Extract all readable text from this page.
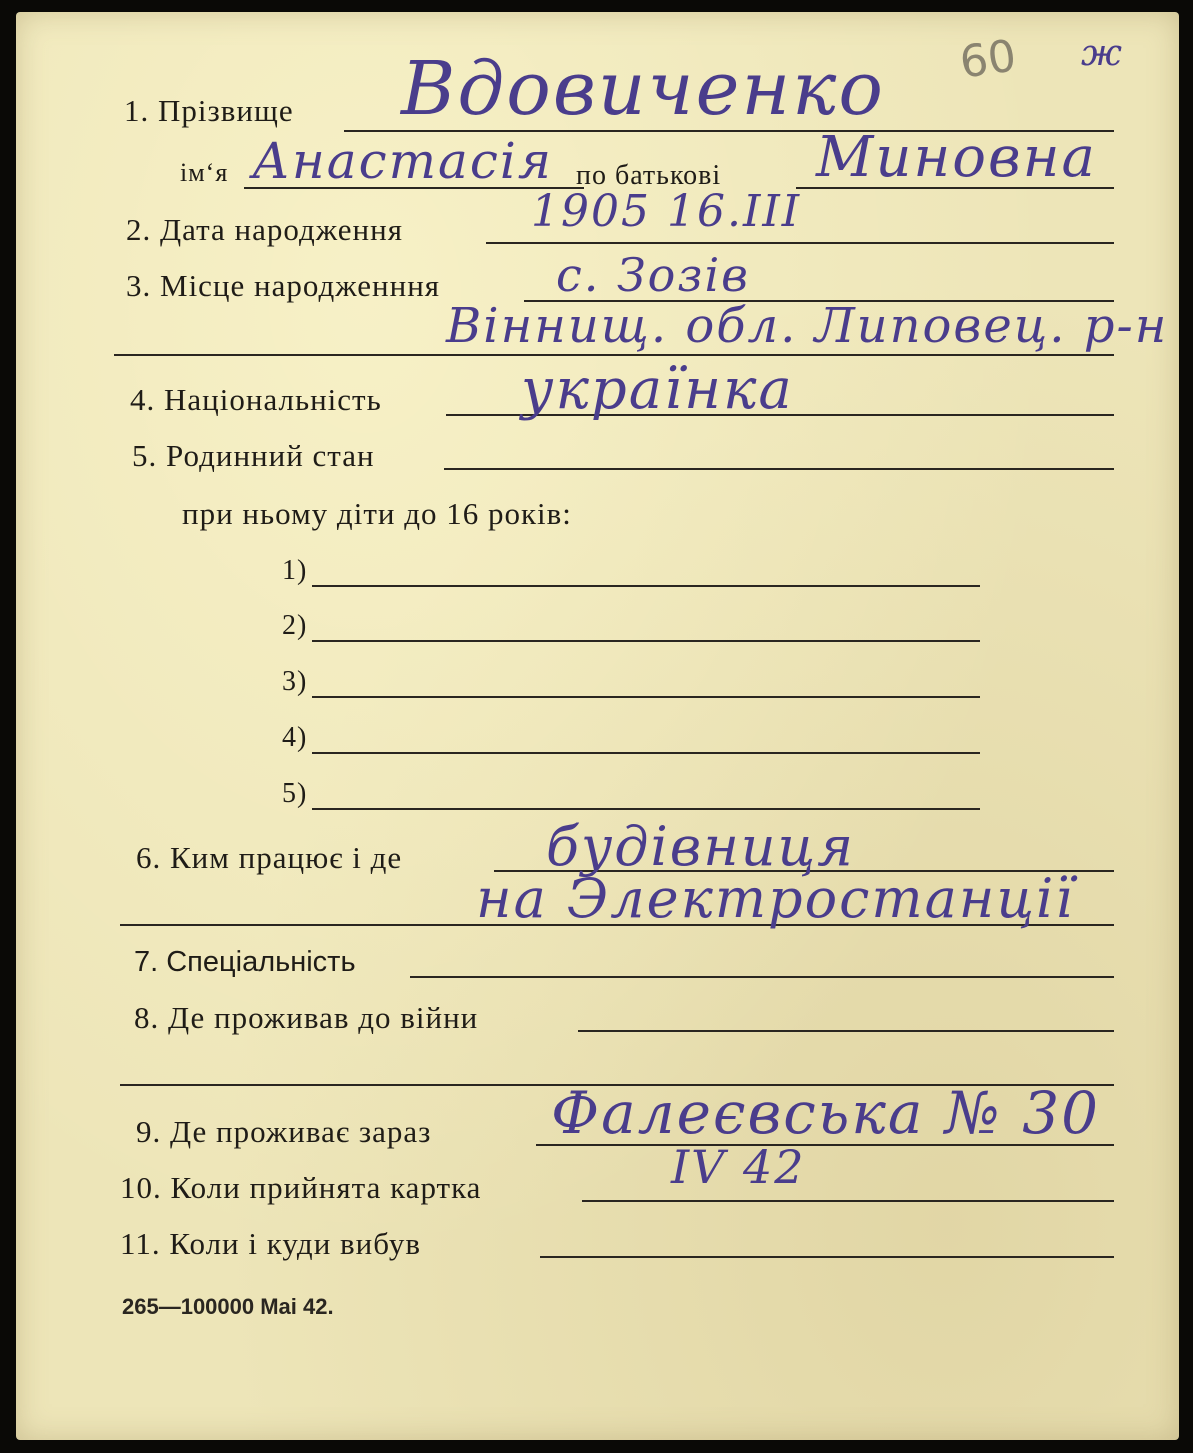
60 ж
1. Прізвище Вдовиченко
ім‘я Анастасія по батькові Миновна
2. Дата народження	1905 16.III
3. Місце народженння	с. Зозів
Віннищ. обл. Липовец. р-н
4. Національність українка
5. Родинний стан
при ньому діти до 16 років:
1)
2)
3)
4)
5)
6. Ким працює і де	будівниця
на Электростанції
7. Спеціальність
8. Де проживав до війни
9. Де проживає зараз Фалеєвська № 30
10. Коли прийнята картка	IV 42
11. Коли і куди вибув
265—100000 Mai 42.
